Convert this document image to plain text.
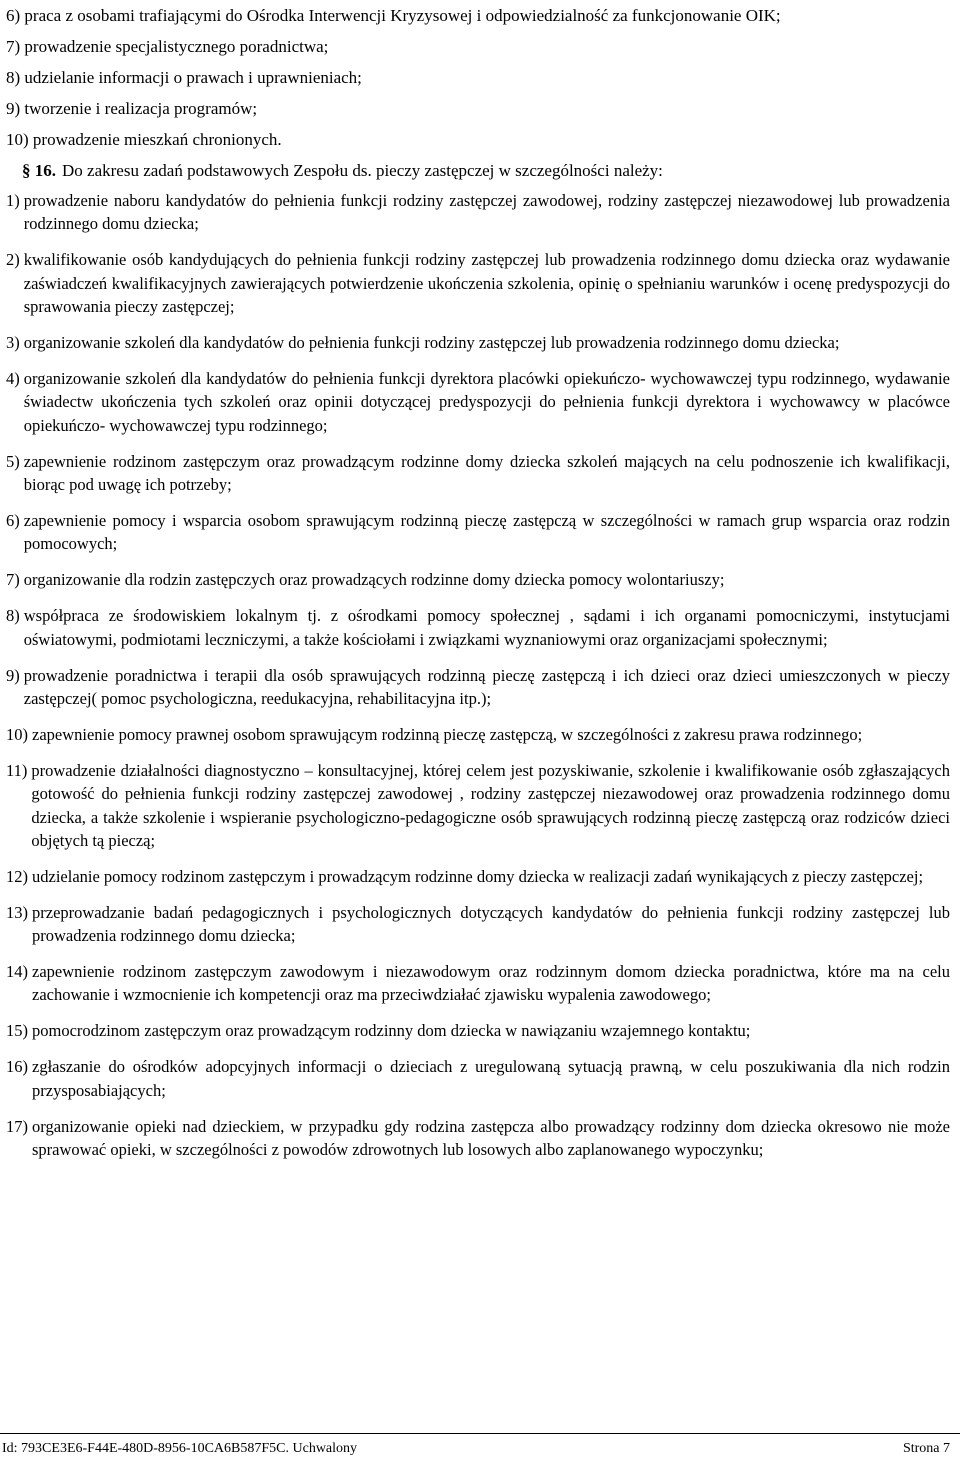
6) praca z osobami trafiającymi do Ośrodka Interwencji Kryzysowej i odpowiedzialność za funkcjonowanie OIK;
7) prowadzenie specjalistycznego poradnictwa;
8) udzielanie informacji o prawach i uprawnieniach;
9) tworzenie i realizacja programów;
10) prowadzenie mieszkań chronionych.
§ 16. Do zakresu zadań podstawowych Zespołu ds. pieczy zastępczej w szczególności należy:
1) prowadzenie naboru kandydatów do pełnienia funkcji rodziny zastępczej zawodowej, rodziny zastępczej niezawodowej lub prowadzenia rodzinnego domu dziecka;
2) kwalifikowanie osób kandydujących do pełnienia funkcji rodziny zastępczej lub prowadzenia rodzinnego domu dziecka oraz wydawanie zaświadczeń kwalifikacyjnych zawierających potwierdzenie ukończenia szkolenia, opinię o spełnianiu warunków i ocenę predyspozycji do sprawowania pieczy zastępczej;
3) organizowanie szkoleń dla kandydatów do pełnienia funkcji rodziny zastępczej lub prowadzenia rodzinnego domu dziecka;
4) organizowanie szkoleń dla kandydatów do pełnienia funkcji dyrektora placówki opiekuńczo- wychowawczej typu rodzinnego, wydawanie świadectw ukończenia tych szkoleń oraz opinii dotyczącej predyspozycji do pełnienia funkcji dyrektora i wychowawcy w placówce opiekuńczo- wychowawczej typu rodzinnego;
5) zapewnienie rodzinom zastępczym oraz prowadzącym rodzinne domy dziecka szkoleń mających na celu podnoszenie ich kwalifikacji, biorąc pod uwagę ich potrzeby;
6) zapewnienie pomocy i wsparcia osobom sprawującym rodzinną pieczę zastępczą w szczególności w ramach grup wsparcia oraz rodzin pomocowych;
7) organizowanie dla rodzin zastępczych oraz prowadzących rodzinne domy dziecka pomocy wolontariuszy;
8) współpraca ze środowiskiem lokalnym tj. z ośrodkami pomocy społecznej , sądami i ich organami pomocniczymi, instytucjami oświatowymi, podmiotami leczniczymi, a także kościołami i związkami wyznaniowymi oraz organizacjami społecznymi;
9) prowadzenie poradnictwa i terapii dla osób sprawujących rodzinną pieczę zastępczą i ich dzieci oraz dzieci umieszczonych w pieczy zastępczej( pomoc psychologiczna, reedukacyjna, rehabilitacyjna itp.);
10) zapewnienie pomocy prawnej osobom sprawującym rodzinną pieczę zastępczą, w szczególności z zakresu prawa rodzinnego;
11) prowadzenie działalności diagnostyczno – konsultacyjnej, której celem jest pozyskiwanie, szkolenie i kwalifikowanie osób zgłaszających gotowość do pełnienia funkcji rodziny zastępczej zawodowej , rodziny zastępczej niezawodowej oraz prowadzenia rodzinnego domu dziecka, a także szkolenie i wspieranie psychologiczno-pedagogiczne osób sprawujących rodzinną pieczę zastępczą oraz rodziców dzieci objętych tą pieczą;
12) udzielanie pomocy rodzinom zastępczym i prowadzącym rodzinne domy dziecka w realizacji zadań wynikających z pieczy zastępczej;
13) przeprowadzanie badań pedagogicznych i psychologicznych dotyczących kandydatów do pełnienia funkcji rodziny zastępczej lub prowadzenia rodzinnego domu dziecka;
14) zapewnienie rodzinom zastępczym zawodowym i niezawodowym oraz rodzinnym domom dziecka poradnictwa, które ma na celu zachowanie i wzmocnienie ich kompetencji oraz ma przeciwdziałać zjawisku wypalenia zawodowego;
15) pomocrodzinom zastępczym oraz prowadzącym rodzinny dom dziecka w nawiązaniu wzajemnego kontaktu;
16) zgłaszanie do ośrodków adopcyjnych informacji o dzieciach z uregulowaną sytuacją prawną, w celu poszukiwania dla nich rodzin przysposabiających;
17) organizowanie opieki nad dzieckiem, w przypadku gdy rodzina zastępcza albo prowadzący rodzinny dom dziecka okresowo nie może sprawować opieki, w szczególności z powodów zdrowotnych lub losowych albo zaplanowanego wypoczynku;
Id: 793CE3E6-F44E-480D-8956-10CA6B587F5C. Uchwalony	Strona 7
